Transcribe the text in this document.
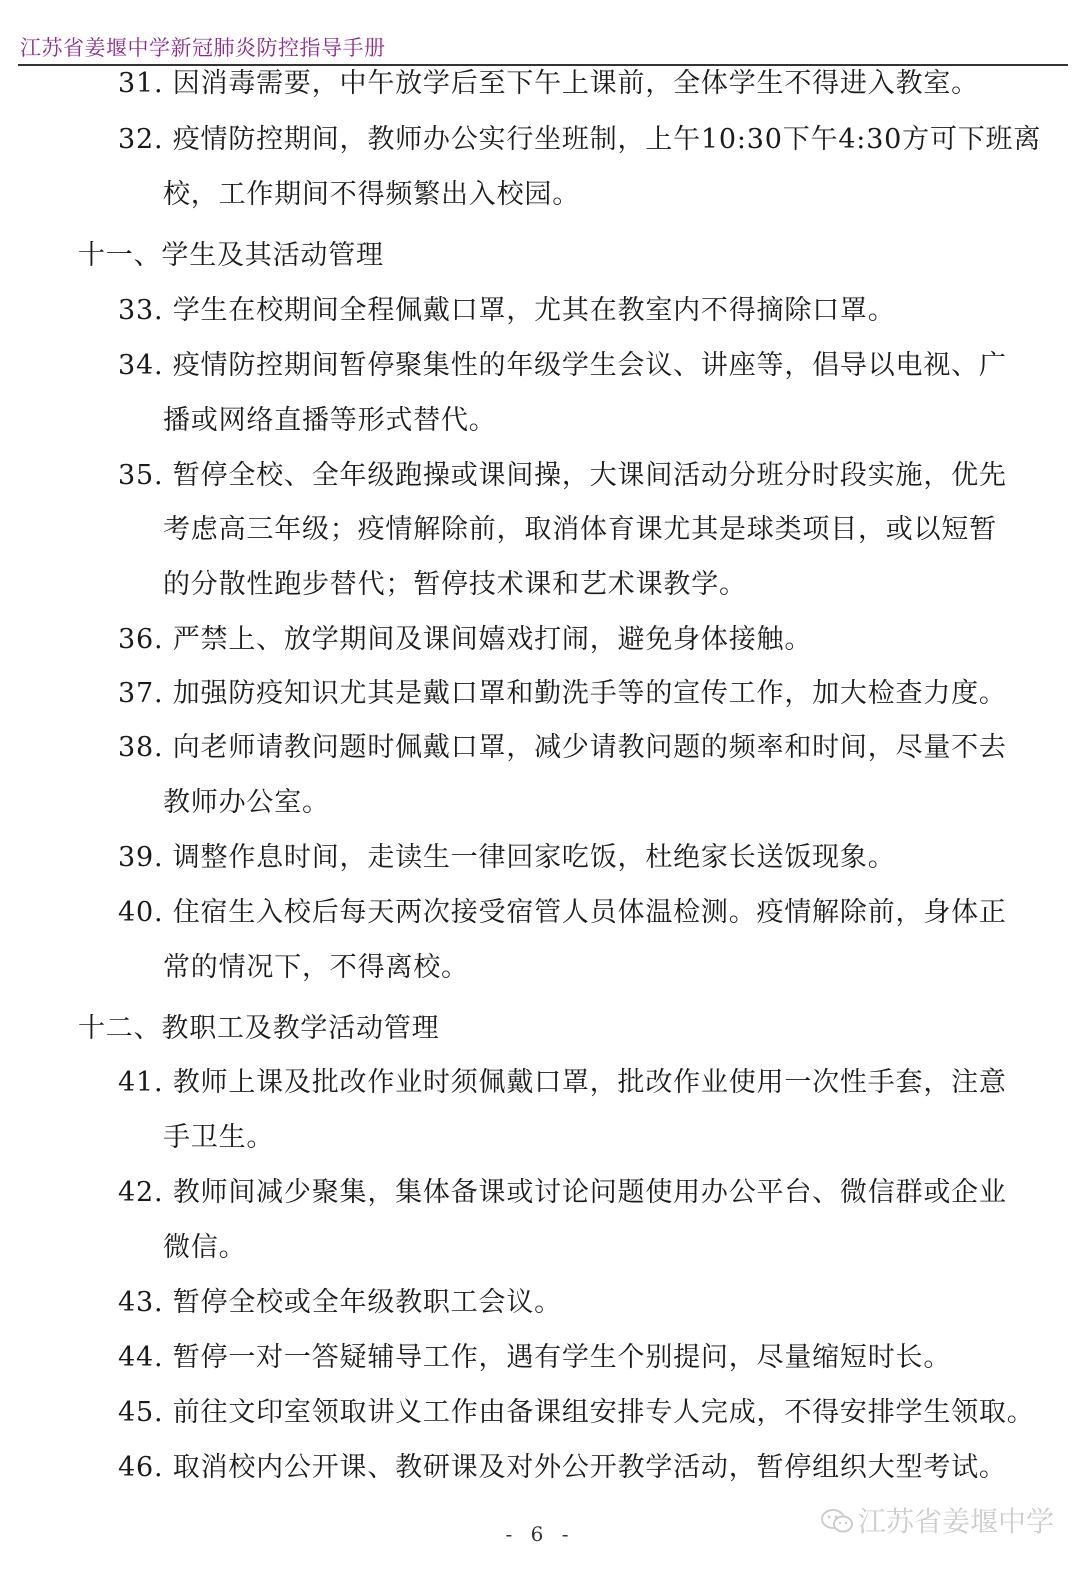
江苏省姜堰中学新冠肺炎防控指导手册
31. 因消毒需要，中午放学后至下午上课前，全体学生不得进入教室。
32. 疫情防控期间，教师办公实行坐班制，上午10:30下午4:30方可下班离
校，工作期间不得频繁出入校园。
十一、学生及其活动管理
33. 学生在校期间全程佩戴口罩，尤其在教室内不得摘除口罩。
34. 疫情防控期间暂停聚集性的年级学生会议、讲座等，倡导以电视、广
播或网络直播等形式替代。
35. 暂停全校、全年级跑操或课间操，大课间活动分班分时段实施，优先
考虑高三年级；疫情解除前，取消体育课尤其是球类项目，或以短暂
的分散性跑步替代；暂停技术课和艺术课教学。
36. 严禁上、放学期间及课间嬉戏打闹，避免身体接触。
37. 加强防疫知识尤其是戴口罩和勤洗手等的宣传工作，加大检查力度。
38. 向老师请教问题时佩戴口罩，减少请教问题的频率和时间，尽量不去
教师办公室。
39. 调整作息时间，走读生一律回家吃饭，杜绝家长送饭现象。
40. 住宿生入校后每天两次接受宿管人员体温检测。疫情解除前，身体正
常的情况下，不得离校。
十二、教职工及教学活动管理
41. 教师上课及批改作业时须佩戴口罩，批改作业使用一次性手套，注意
手卫生。
42. 教师间减少聚集，集体备课或讨论问题使用办公平台、微信群或企业
微信。
43. 暂停全校或全年级教职工会议。
44. 暂停一对一答疑辅导工作，遇有学生个别提问，尽量缩短时长。
45. 前往文印室领取讲义工作由备课组安排专人完成，不得安排学生领取。
46. 取消校内公开课、教研课及对外公开教学活动，暂停组织大型考试。
江苏省姜堰中学
- 6 -
